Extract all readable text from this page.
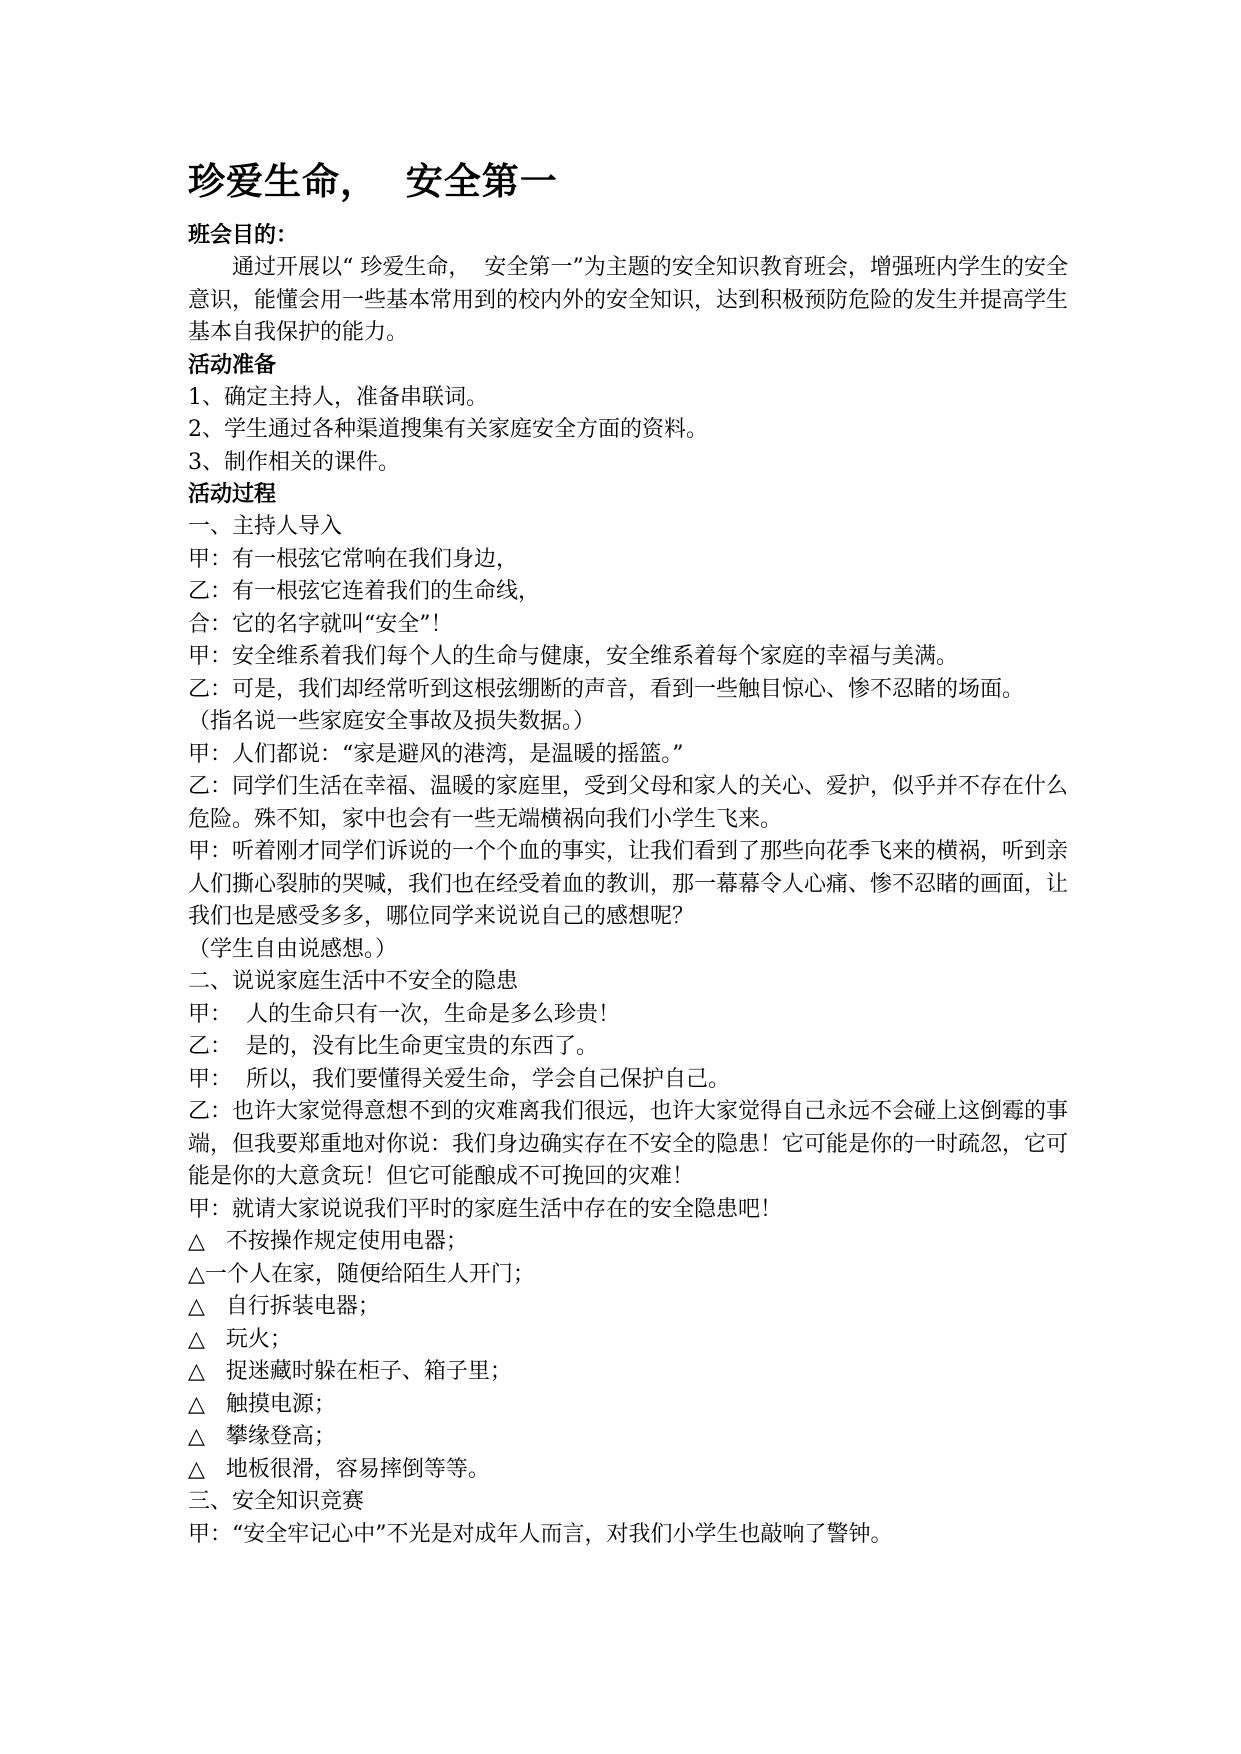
珍爱生命，  安全第一
班会目的：
通过开展以“ 珍爱生命，  安全第一”为主题的安全知识教育班会，增强班内学生的安全意识，能懂会用一些基本常用到的校内外的安全知识，达到积极预防危险的发生并提高学生基本自我保护的能力。
活动准备
1、确定主持人，准备串联词。
2、学生通过各种渠道搜集有关家庭安全方面的资料。
3、制作相关的课件。
活动过程
一、主持人导入
甲：有一根弦它常响在我们身边，
乙：有一根弦它连着我们的生命线，
合：它的名字就叫“安全”！
甲：安全维系着我们每个人的生命与健康，安全维系着每个家庭的幸福与美满。
乙：可是，我们却经常听到这根弦绷断的声音，看到一些触目惊心、惨不忍睹的场面。
（指名说一些家庭安全事故及损失数据。）
甲：人们都说：“家是避风的港湾，是温暖的摇篮。”
乙：同学们生活在幸福、温暖的家庭里，受到父母和家人的关心、爱护，似乎并不存在什么危险。殊不知，家中也会有一些无端横祸向我们小学生飞来。
甲：听着刚才同学们诉说的一个个血的事实，让我们看到了那些向花季飞来的横祸，听到亲人们撕心裂肺的哭喊，我们也在经受着血的教训，那一幕幕令人心痛、惨不忍睹的画面，让我们也是感受多多，哪位同学来说说自己的感想呢？
（学生自由说感想。）
二、说说家庭生活中不安全的隐患
甲：  人的生命只有一次，生命是多么珍贵！
乙：  是的，没有比生命更宝贵的东西了。
甲：  所以，我们要懂得关爱生命，学会自己保护自己。
乙：也许大家觉得意想不到的灾难离我们很远，也许大家觉得自己永远不会碰上这倒霉的事端，但我要郑重地对你说：我们身边确实存在不安全的隐患！它可能是你的一时疏忽，它可能是你的大意贪玩！但它可能酿成不可挽回的灾难！
甲：就请大家说说我们平时的家庭生活中存在的安全隐患吧！
△   不按操作规定使用电器；
△一个人在家，随便给陌生人开门；
△   自行拆装电器；
△   玩火；
△   捉迷藏时躲在柜子、箱子里；
△   触摸电源；
△   攀缘登高；
△   地板很滑，容易摔倒等等。
三、安全知识竞赛
甲：“安全牢记心中”不光是对成年人而言，对我们小学生也敲响了警钟。
